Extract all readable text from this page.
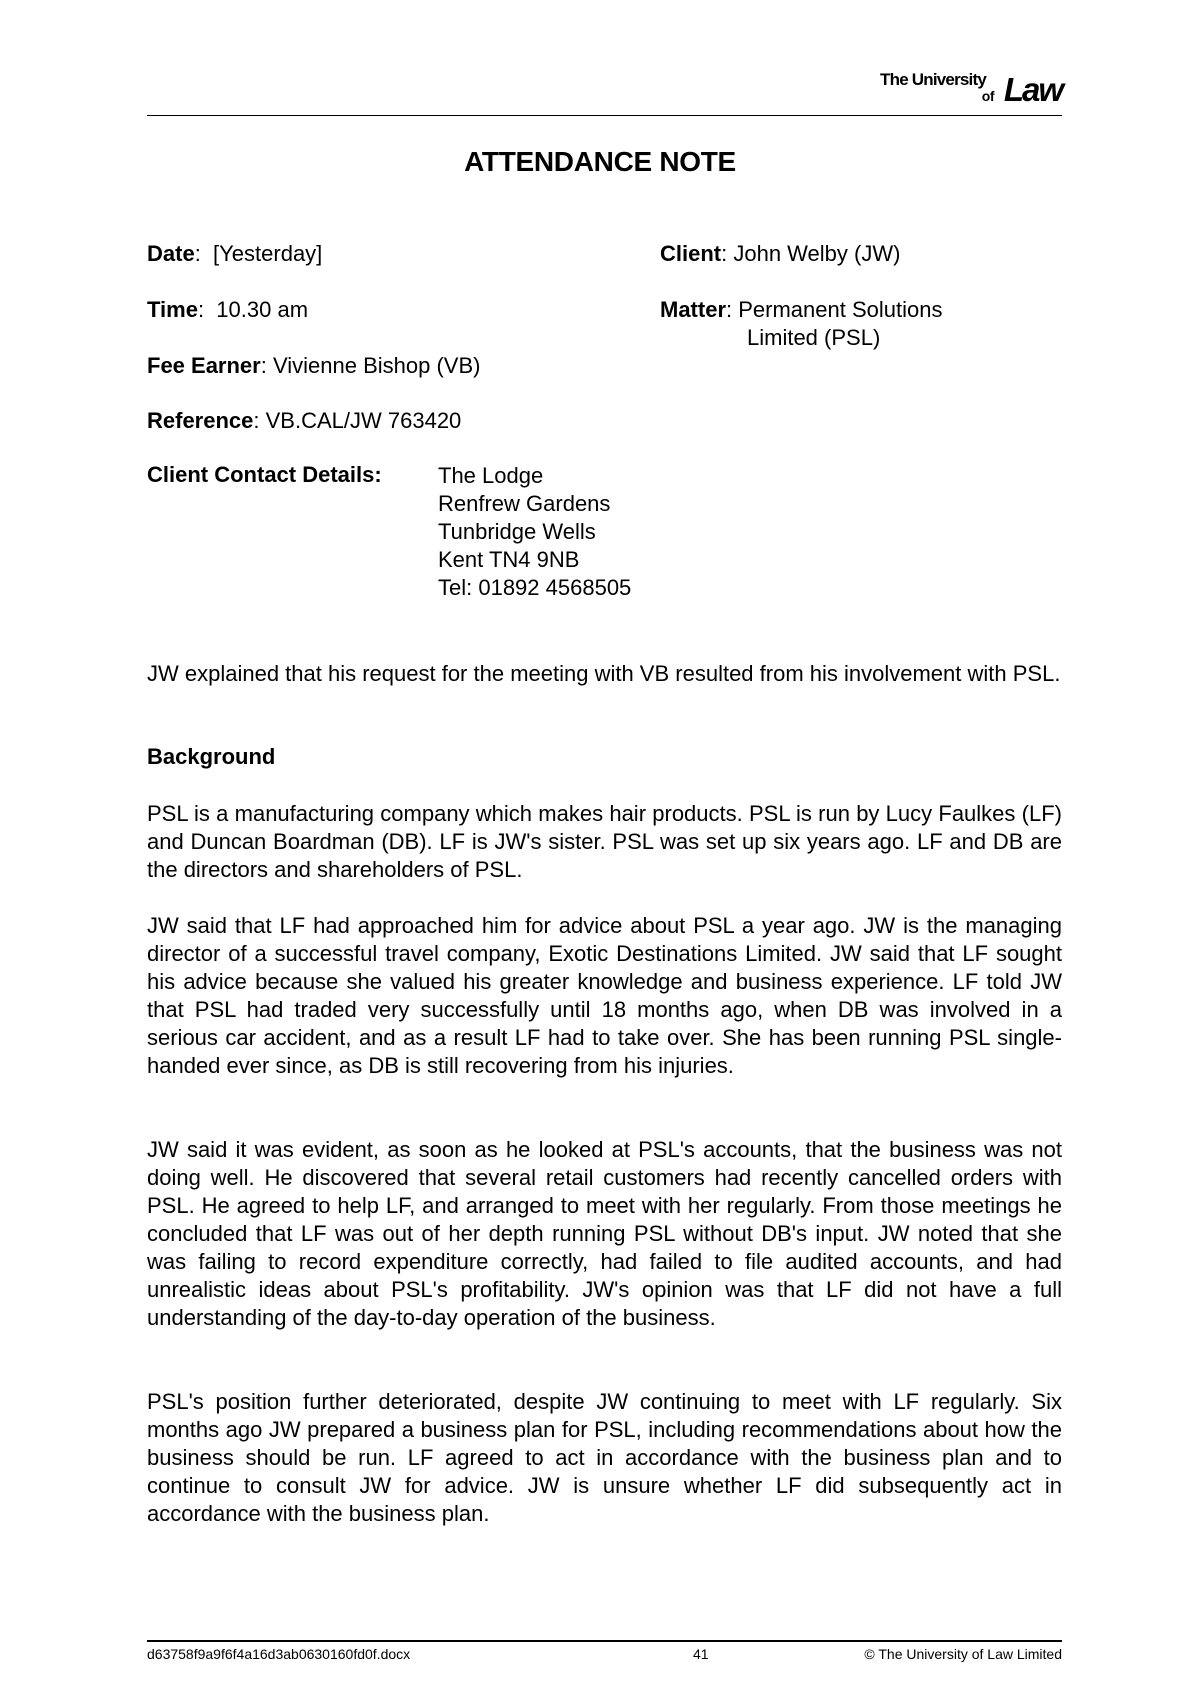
The University
of Law
ATTENDANCE NOTE
Date:  [Yesterday]
Time:  10.30 am
Fee Earner: Vivienne Bishop (VB)
Reference: VB.CAL/JW 763420
Client: John Welby (JW)
Matter: Permanent Solutions
Limited (PSL)
Client Contact Details:	The Lodge
Renfrew Gardens
Tunbridge Wells
Kent TN4 9NB
Tel: 01892 4568505
JW explained that his request for the meeting with VB resulted from his involvement with PSL.
Background
PSL is a manufacturing company which makes hair products. PSL is run by Lucy Faulkes (LF) and Duncan Boardman (DB). LF is JW's sister. PSL was set up six years ago. LF and DB are the directors and shareholders of PSL.
JW said that LF had approached him for advice about PSL a year ago. JW is the managing director of a successful travel company, Exotic Destinations Limited. JW said that LF sought his advice because she valued his greater knowledge and business experience. LF told JW that PSL had traded very successfully until 18 months ago, when DB was involved in a serious car accident, and as a result LF had to take over. She has been running PSL single-handed ever since, as DB is still recovering from his injuries.
JW said it was evident, as soon as he looked at PSL's accounts, that the business was not doing well. He discovered that several retail customers had recently cancelled orders with PSL. He agreed to help LF, and arranged to meet with her regularly. From those meetings he concluded that LF was out of her depth running PSL without DB's input. JW noted that she was failing to record expenditure correctly, had failed to file audited accounts, and had unrealistic ideas about PSL's profitability. JW's opinion was that LF did not have a full understanding of the day-to-day operation of the business.
PSL's position further deteriorated, despite JW continuing to meet with LF regularly. Six months ago JW prepared a business plan for PSL, including recommendations about how the business should be run. LF agreed to act in accordance with the business plan and to continue to consult JW for advice. JW is unsure whether LF did subsequently act in accordance with the business plan.
d63758f9a9f6f4a16d3ab0630160fd0f.docx	41	© The University of Law Limited
